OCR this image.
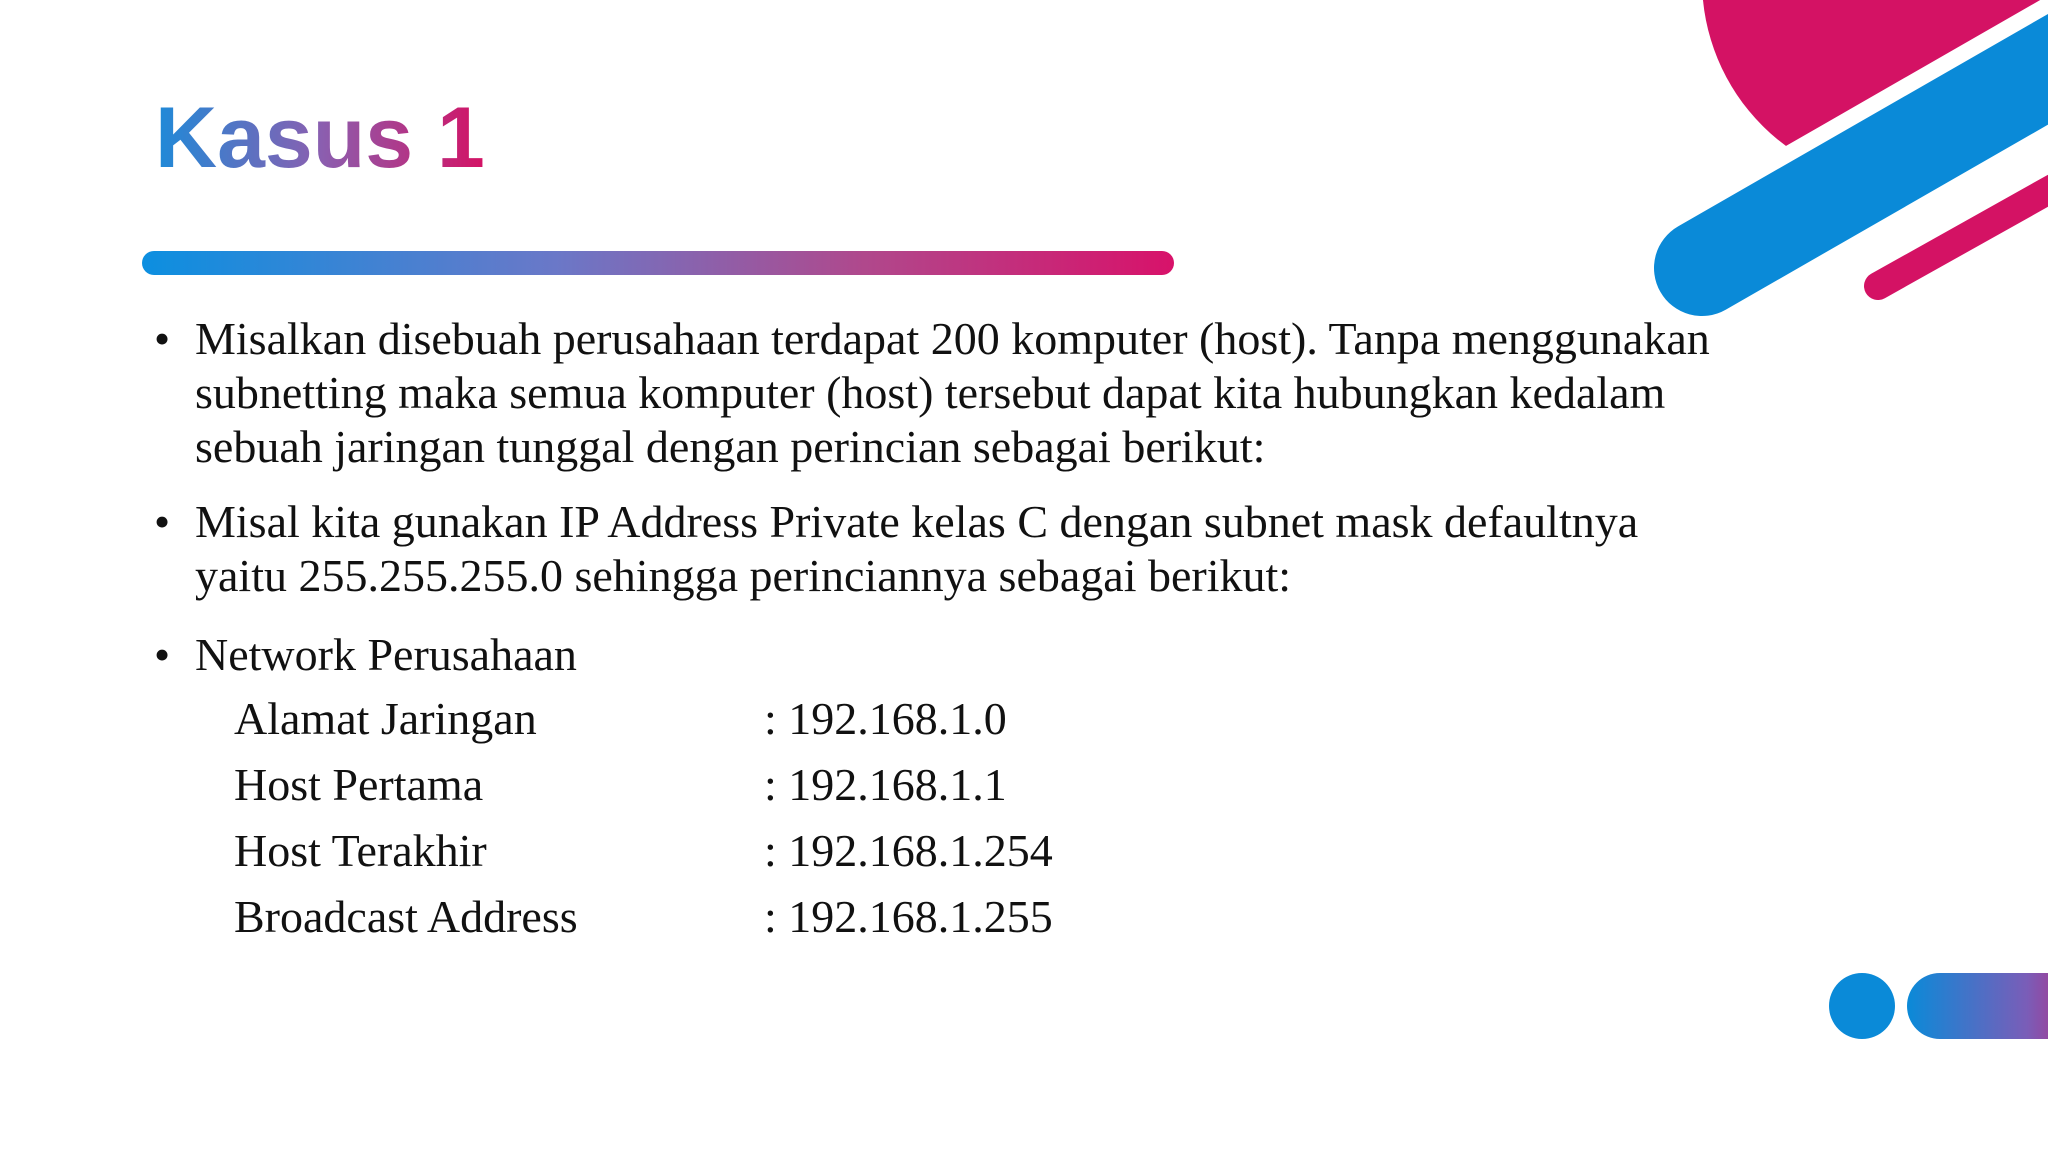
Kasus 1
• Misalkan disebuah perusahaan terdapat 200 komputer (host). Tanpa menggunakan
subnetting maka semua komputer (host) tersebut dapat kita hubungkan kedalam
sebuah jaringan tunggal dengan perincian sebagai berikut:
• Misal kita gunakan IP Address Private kelas C dengan subnet mask defaultnya
yaitu 255.255.255.0 sehingga perinciannya sebagai berikut:
• Network Perusahaan
Alamat Jaringan	: 192.168.1.0
Host Pertama	: 192.168.1.1
Host Terakhir	: 192.168.1.254
Broadcast Address	: 192.168.1.255
